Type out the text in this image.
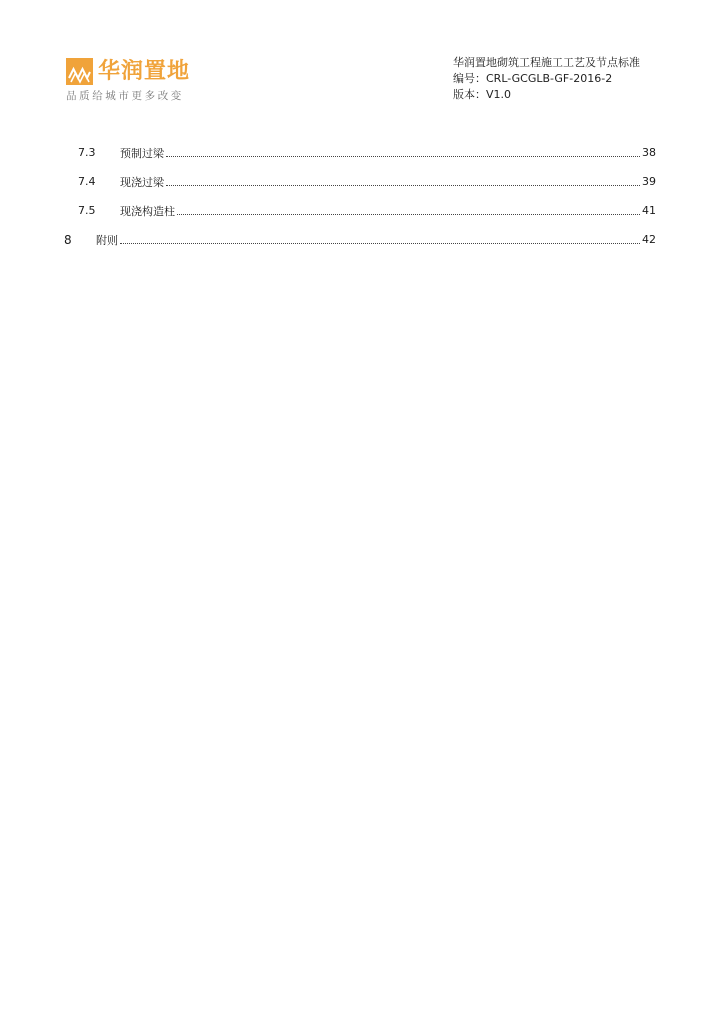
华润置地
品质给城市更多改变
华润置地砌筑工程施工工艺及节点标准
编号：CRL-GCGLB-GF-2016-2
版本：V1.0
7.3	预制过梁	38
7.4	现浇过梁	39
7.5	现浇构造柱	41
8	附则	42
